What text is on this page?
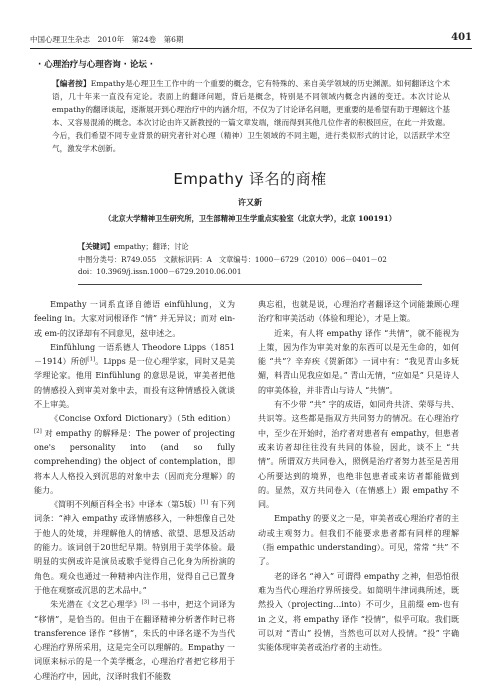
中国心理卫生杂志　2010年　第24卷　第6期	401
· 心理治疗与心理咨询 · 论坛 ·
【编者按】Empathy是心理卫生工作中的一个重要的概念，它有特殊的、来自美学领域的历史渊源。如何翻译这个术语，几十年来一直没有定论。表面上的翻译问题，背后是概念，特别是不同领域内概念内涵的变迁。本次讨论从empathy的翻译谈起，逐渐展开到心理治疗中的内涵介绍，不仅为了讨论译名问题，更重要的是希望有助于理解这个基本、又容易混淆的概念。本次讨论由许又新教授的一篇文章发端，继而得到其他几位作者的积极回应，在此一并致谢。今后，我们希望不同专业背景的研究者针对心理（精神）卫生领域的不同主题，进行类似形式的讨论，以活跃学术空气，激发学术创新。
Empathy 译名的商榷
许又新
（北京大学精神卫生研究所，卫生部精神卫生学重点实验室（北京大学），北京 100191）
【关键词】empathy；翻译；讨论
中图分类号：R749.055　文献标识码：A　文章编号：1000－6729（2010）006－0401－02
doi：10.3969/j.issn.1000－6729.2010.06.001

Empathy 一词系直译自德语 einfühlung，义为 feeling in。大家对词根译作 “情” 并无异议；而对 ein-或 em-的汉译却有不同意见，兹申述之。

Einfühlung 一语系德人 Theodore Lipps（1851－1914）所创[1]。Lipps 是一位心理学家，同时又是美学理论家。他用 Einfühlung 的意思是说，审美者把他的情感投入到审美对象中去，而投有这种情感投入就谈不上审美。

《Concise Oxford Dictionary》（5th edition）[2] 对 empathy 的解释是：The power of projecting one's personality into (and so fully comprehending) the object of contemplation，即将本人人格投入到沉思的对象中去（因而充分理解）的能力。

《简明不列颠百科全书》中译本（第5版）[1] 有下列词条：“神入 empathy 或译情感移入，一种想像自己处于他人的处境，并理解他人的情感、欲望、思想及活动的能力。该词创于20世纪早期。特别用于美学体验。最明显的实例或许是演员或歌手觉得自己化身为所扮演的角色。观众也通过一种精神内注作用，觉得自己已置身于他在观察或沉思的艺术品中。”

朱光潜在《文艺心理学》[3] 一书中，把这个词译为 “移情”，是恰当的。但由于在翻译精神分析著作时已将 transference 译作 “移情”，朱氏的中译名遂不为当代心理治疗界所采用，这是完全可以理解的。Empathy 一词原来标示的是一个美学概念，心理治疗者把它移用于心理治疗中，因此，汉译时我们不能数

典忘祖，也就是说，心理治疗者翻译这个词能兼顾心理治疗和审美活动（体验和理论），才是上策。

近来，有人将 empathy 译作 “共情”，就不能视为上策，因为作为审美对象的东西可以是无生命的，如何能 “共”？辛弃疾《贺新郎》一词中有：“我见青山多妩媚，料青山见我应如是。” 青山无情，“应如是” 只是诗人的审美体验，并非青山与诗人 “共情”。

有不少带 “共” 字的成语，如同舟共济、荣辱与共、共识等。这些都是指双方共同努力的情况。在心理治疗中，至少在开始时，治疗者对患者有 empathy，但患者或来访者却往往没有共同的体验，因此，谈不上 “共情”。所谓双方共同卷入，照例是治疗者努力甚至是苦用心所要达到的境界，也绝非包患者或来访者都能做到的。显然，双方共同卷入（在情感上）跟 empathy 不同。

Empathy 的要义之一是，审美者或心理治疗者的主动或主观努力。但我们不能要求患者都有同样的理解（指 empathic understanding）。可见，常常 “共” 不了。

老的译名 “神入” 可谓得 empathy 之神，但恐怕很难为当代心理治疗界所接受。如简明牛津词典所述，既然投入（projecting…into）不可少，且前缀 em-也有 in 之义，将 empathy 译作 “投情”，似乎可取。我们既可以对 “青山” 投情，当然也可以对人投情。“投” 字确实能体现审美者或治疗者的主动性。
